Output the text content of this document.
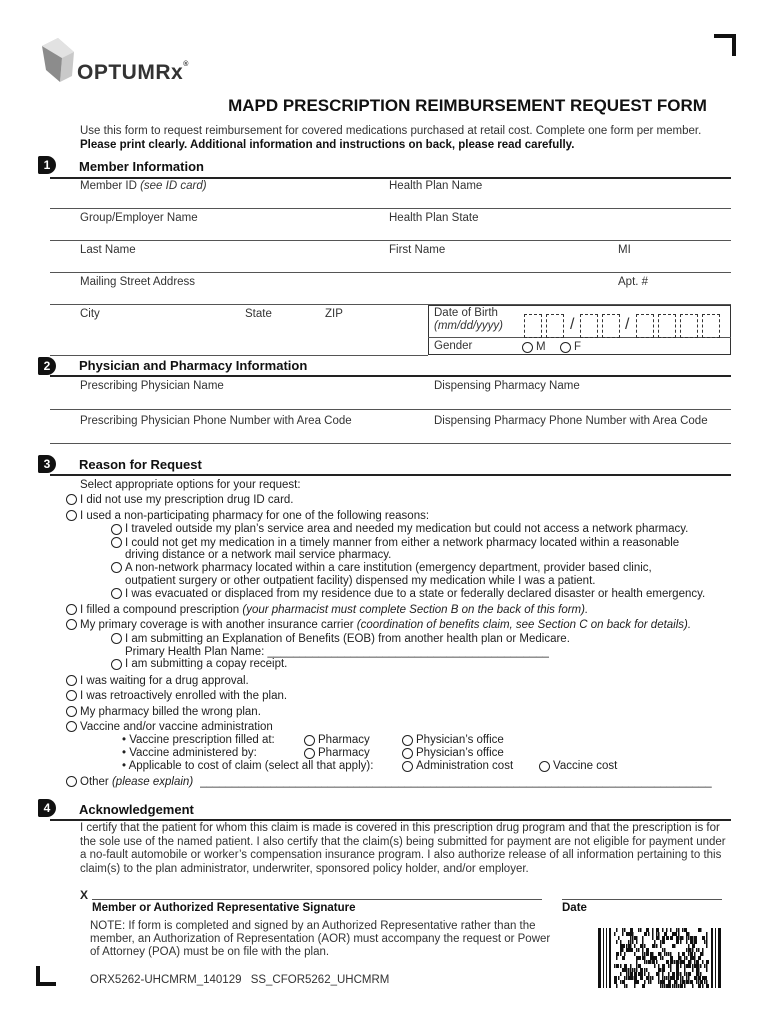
OPTUMRx®
MAPD PRESCRIPTION REIMBURSEMENT REQUEST FORM
Use this form to request reimbursement for covered medications purchased at retail cost. Complete one form per member. Please print clearly. Additional information and instructions on back, please read carefully.
1	Member Information
Member ID (see ID card)	Health Plan Name
Group/Employer Name	Health Plan State
Last Name	First Name	MI
Mailing Street Address	Apt. #
City	State	ZIP	Date of Birth
(mm/dd/yyyy)	/	/
Gender	M F
2	Physician and Pharmacy Information
Prescribing Physician Name	Dispensing Pharmacy Name
Prescribing Physician Phone Number with Area Code	Dispensing Pharmacy Phone Number with Area Code
3	Reason for Request
Select appropriate options for your request:
I did not use my prescription drug ID card.
I used a non-participating pharmacy for one of the following reasons:
I traveled outside my plan’s service area and needed my medication but could not access a network pharmacy.
I could not get my medication in a timely manner from either a network pharmacy located within a reasonable
driving distance or a network mail service pharmacy.
A non-network pharmacy located within a care institution (emergency department, provider based clinic,
outpatient surgery or other outpatient facility) dispensed my medication while I was a patient.
I was evacuated or displaced from my residence due to a state or federally declared disaster or health emergency.
I filled a compound prescription (your pharmacist must complete Section B on the back of this form).
My primary coverage is with another insurance carrier (coordination of benefits claim, see Section C on back for details).
I am submitting an Explanation of Benefits (EOB) from another health plan or Medicare.
Primary Health Plan Name: ____________________________________________
I am submitting a copay receipt.
I was waiting for a drug approval.
I was retroactively enrolled with the plan.
My pharmacy billed the wrong plan.
Vaccine and/or vaccine administration
• Vaccine prescription filled at:	Pharmacy	Physician’s office
• Vaccine administered by:	Pharmacy	Physician’s office
• Applicable to cost of claim (select all that apply):	Administration cost	Vaccine cost
Other (please explain) ________________________________________________________________________________
4	Acknowledgement
I certify that the patient for whom this claim is made is covered in this prescription drug program and that the prescription is for the sole use of the named patient. I also certify that the claim(s) being submitted for payment are not eligible for payment under a no-fault automobile or worker’s compensation insurance program. I also authorize release of all information pertaining to this claim(s) to the plan administrator, underwriter, sponsored policy holder, and/or employer.
X
Member or Authorized Representative Signature	Date
NOTE: If form is completed and signed by an Authorized Representative rather than the member, an Authorization of Representation (AOR) must accompany the request or Power of Attorney (POA) must be on file with the plan.
ORX5262-UHCMRM_140129 SS_CFOR5262_UHCMRM
